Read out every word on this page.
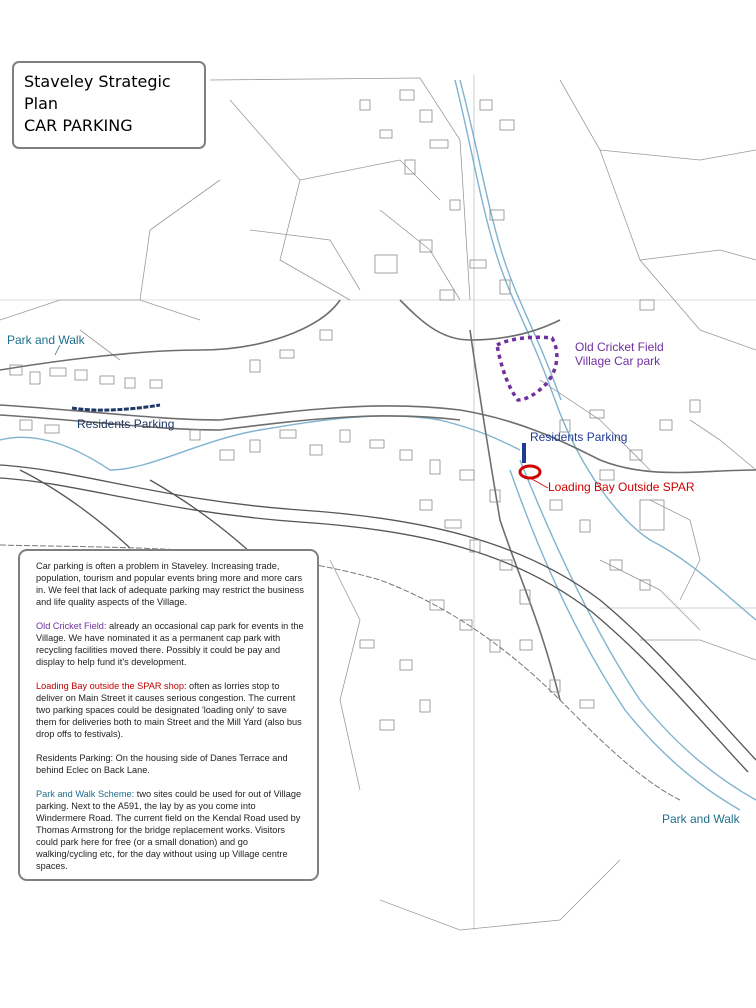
Staveley Strategic
Plan
CAR PARKING
Park and Walk
Residents Parking
Old Cricket Field
Village Car park
Residents Parking
Loading Bay Outside SPAR
Park and Walk

Car parking is often a problem in Staveley. Increasing trade, population, tourism and popular events bring more and more cars in. We feel that lack of adequate parking may restrict the business and life quality aspects of the Village.

Old Cricket Field: already an occasional cap park for events in the Village. We have nominated it as a permanent cap park with recycling facilities moved there. Possibly it could be pay and display to help fund it's development.

Loading Bay outside the SPAR shop: often as lorries stop to deliver on Main Street it causes serious congestion. The current two parking spaces could be designated 'loading only' to save them for deliveries both to main Street and the Mill Yard (also bus drop offs to festivals).

Residents Parking: On the housing side of Danes Terrace and behind Eclec on Back Lane.

Park and Walk Scheme: two sites could be used for out of Village parking. Next to the A591, the lay by as you come into Windermere Road. The current field on the Kendal Road used by Thomas Armstrong for the bridge replacement works. Visitors could park here for free (or a small donation) and go walking/cycling etc, for the day without using up Village centre spaces.
